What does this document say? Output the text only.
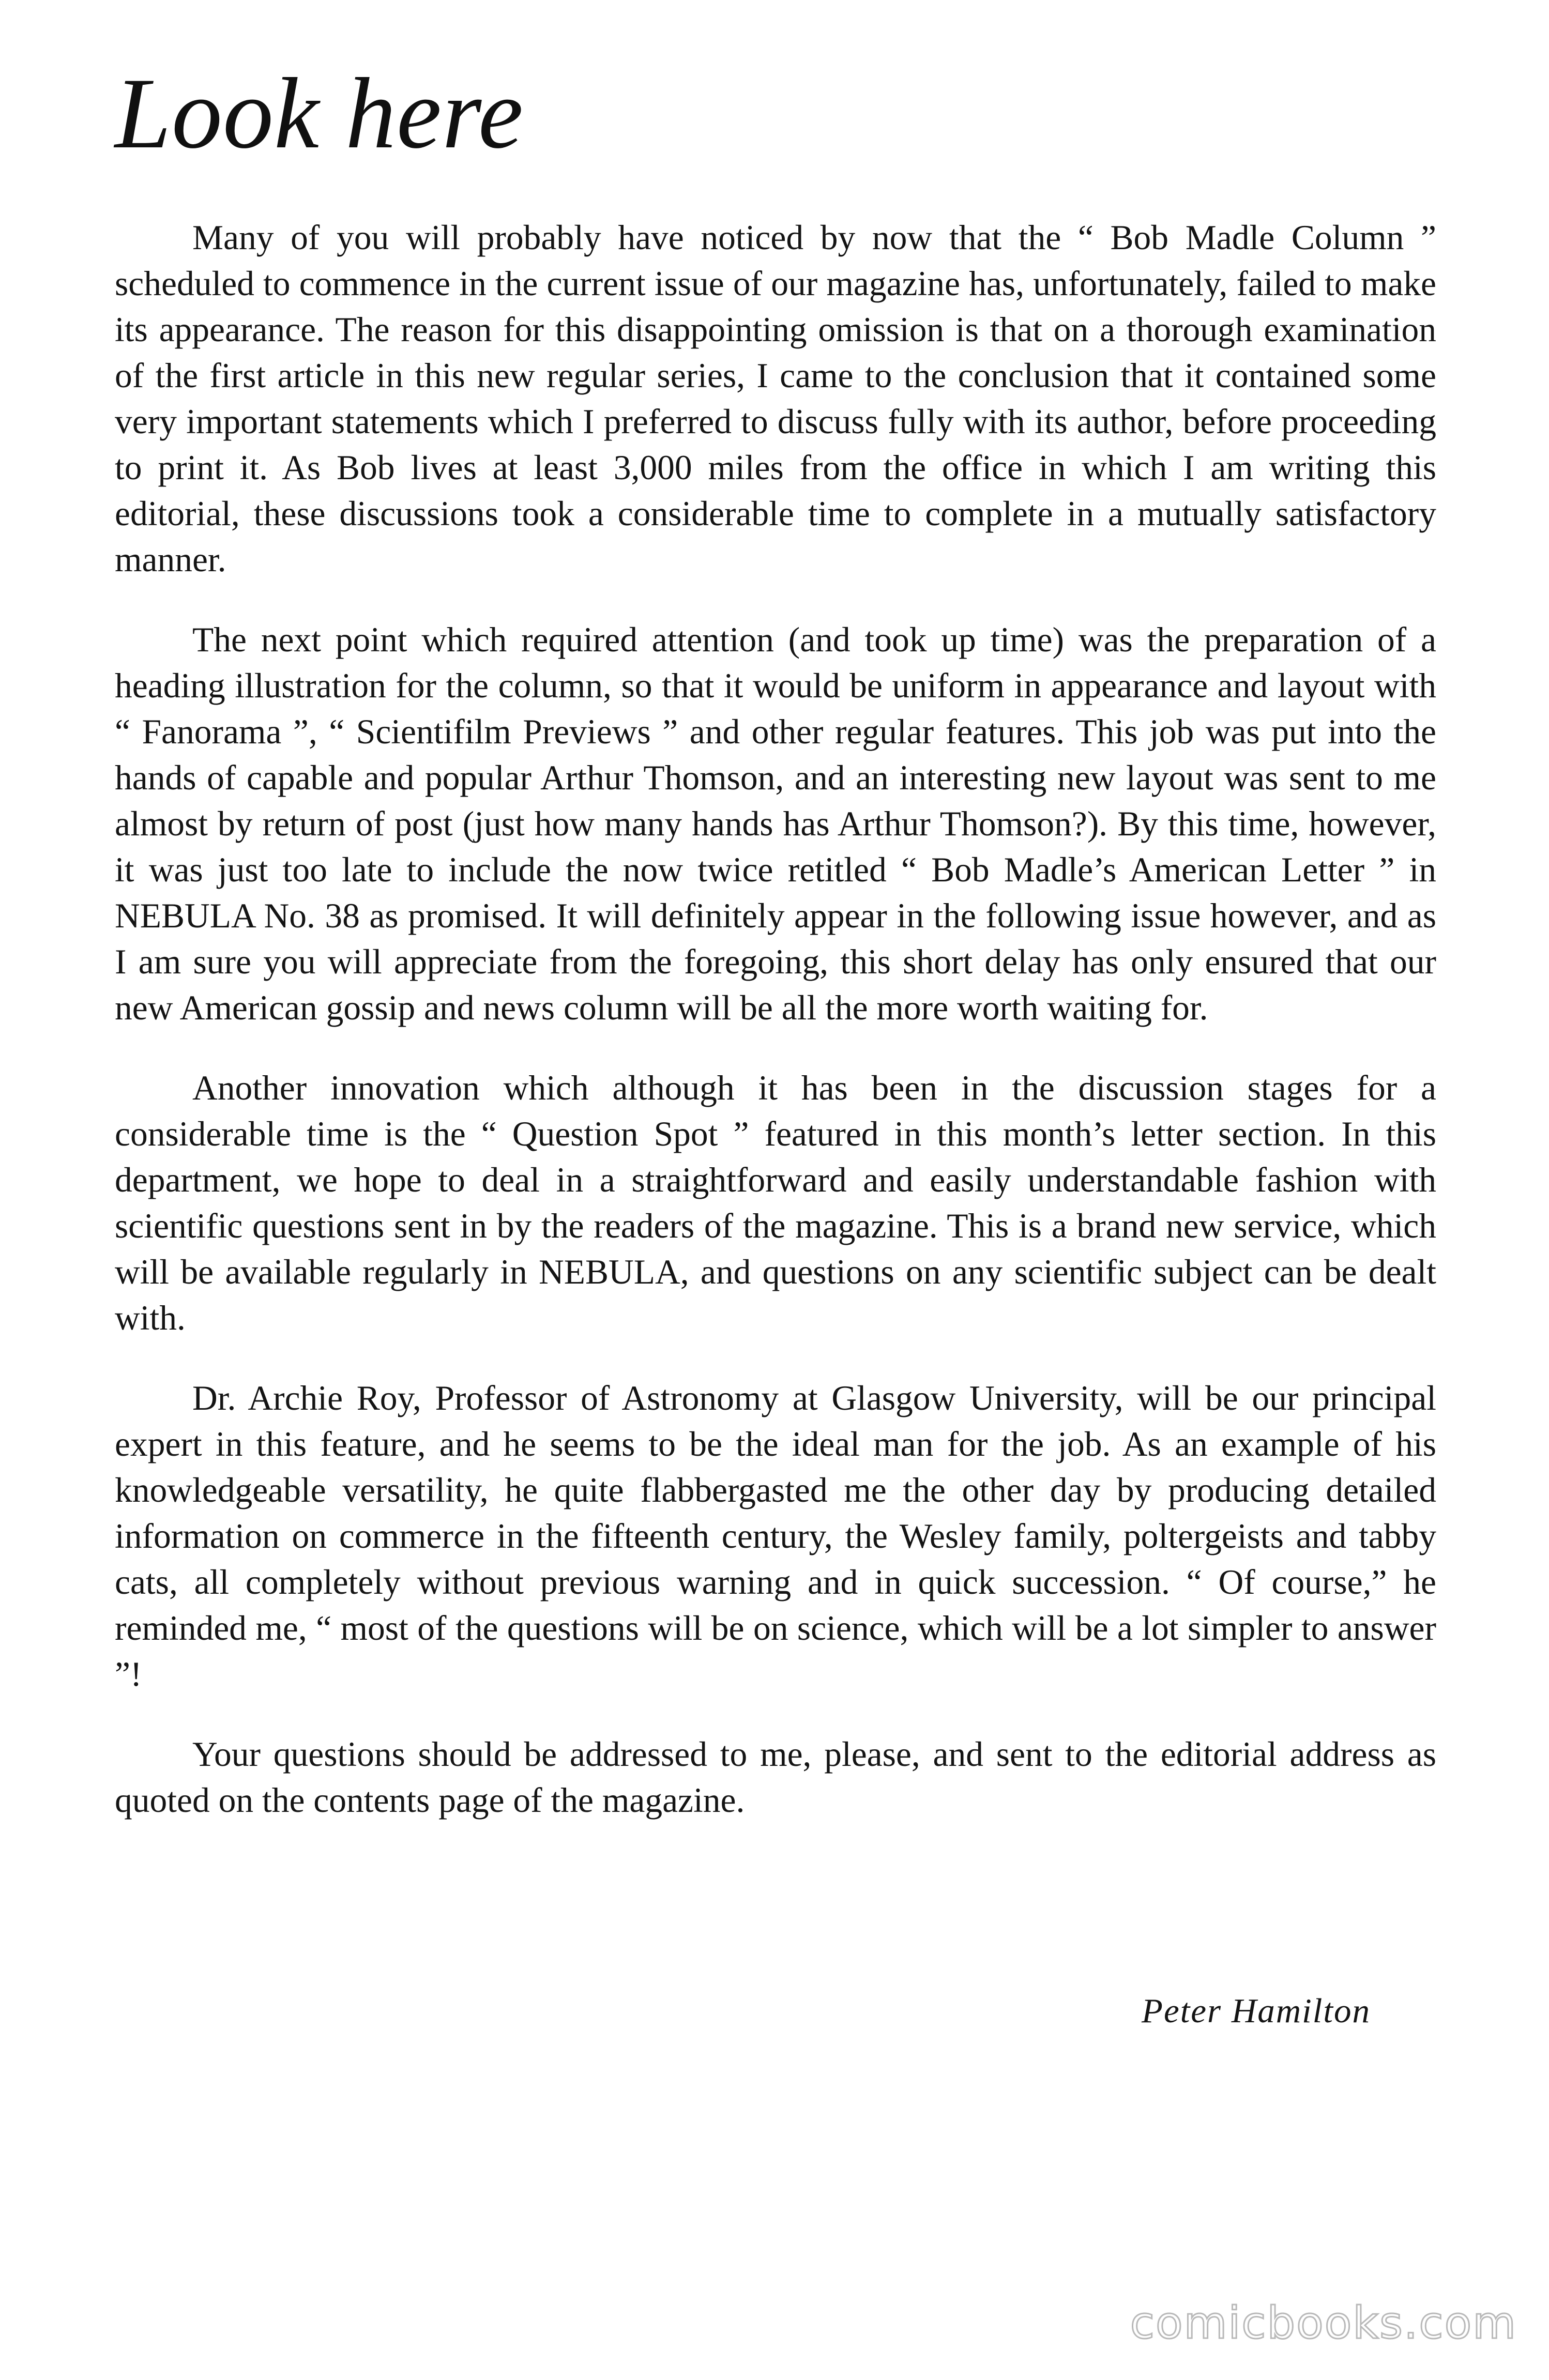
Look here

Many of you will probably have noticed by now that the “ Bob Madle Column ” scheduled to commence in the current issue of our magazine has, unfortunately, failed to make its appearance. The reason for this disappointing omission is that on a thorough examination of the first article in this new regular series, I came to the conclusion that it contained some very important statements which I preferred to discuss fully with its author, before proceeding to print it. As Bob lives at least 3,000 miles from the office in which I am writing this editorial, these discussions took a considerable time to complete in a mutually satisfactory manner.

The next point which required attention (and took up time) was the preparation of a heading illustration for the column, so that it would be uniform in appearance and layout with “ Fanorama ”, “ Scientifilm Previews ” and other regular features. This job was put into the hands of capable and popular Arthur Thomson, and an interesting new layout was sent to me almost by return of post (just how many hands has Arthur Thomson?). By this time, however, it was just too late to include the now twice retitled “ Bob Madle’s American Letter ” in NEBULA No. 38 as promised. It will definitely appear in the following issue however, and as I am sure you will appreciate from the foregoing, this short delay has only ensured that our new American gossip and news column will be all the more worth waiting for.

Another innovation which although it has been in the discussion stages for a considerable time is the “ Question Spot ” featured in this month’s letter section. In this department, we hope to deal in a straightforward and easily understandable fashion with scientific questions sent in by the readers of the magazine. This is a brand new service, which will be available regularly in NEBULA, and questions on any scientific subject can be dealt with.

Dr. Archie Roy, Professor of Astronomy at Glasgow University, will be our principal expert in this feature, and he seems to be the ideal man for the job. As an example of his knowledgeable versatility, he quite flabbergasted me the other day by producing detailed information on commerce in the fifteenth century, the Wesley family, poltergeists and tabby cats, all completely without previous warning and in quick succession. “ Of course,” he reminded me, “ most of the questions will be on science, which will be a lot simpler to answer ”!

Your questions should be addressed to me, please, and sent to the editorial address as quoted on the contents page of the magazine.

Peter Hamilton

comicbooks.com
